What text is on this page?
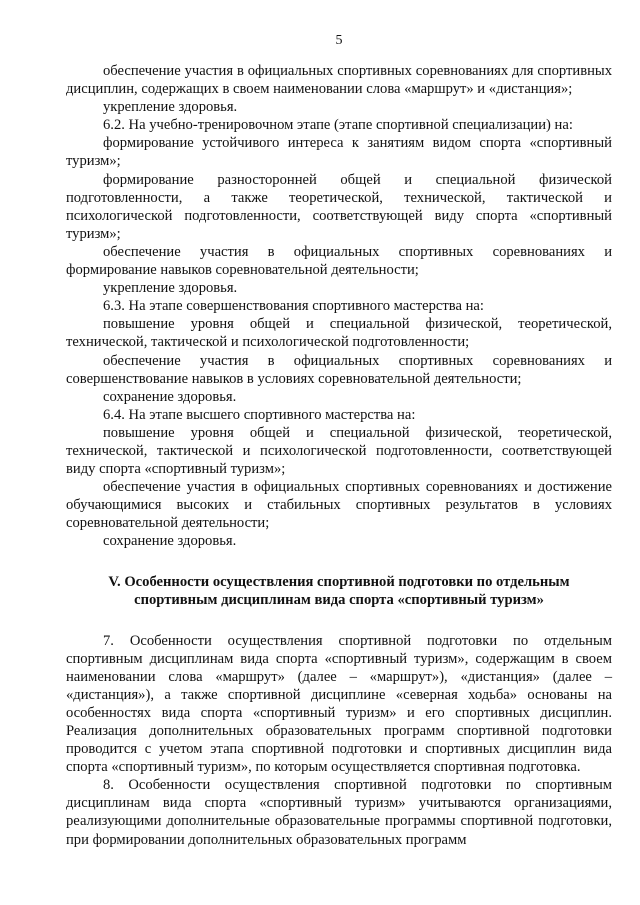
5

обеспечение участия в официальных спортивных соревнованиях для спортивных дисциплин, содержащих в своем наименовании слова «маршрут» и «дистанция»;

укрепление здоровья.

6.2. На учебно-тренировочном этапе (этапе спортивной специализации) на:

формирование устойчивого интереса к занятиям видом спорта «спортивный туризм»;

формирование разносторонней общей и специальной физической подготовленности, а также теоретической, технической, тактической и психологической подготовленности, соответствующей виду спорта «спортивный туризм»;

обеспечение участия в официальных спортивных соревнованиях и формирование навыков соревновательной деятельности;

укрепление здоровья.

6.3. На этапе совершенствования спортивного мастерства на:

повышение уровня общей и специальной физической, теоретической, технической, тактической и психологической подготовленности;

обеспечение участия в официальных спортивных соревнованиях и совершенствование навыков в условиях соревновательной деятельности;

сохранение здоровья.

6.4. На этапе высшего спортивного мастерства на:

повышение уровня общей и специальной физической, теоретической, технической, тактической и психологической подготовленности, соответствующей виду спорта «спортивный туризм»;

обеспечение участия в официальных спортивных соревнованиях и достижение обучающимися высоких и стабильных спортивных результатов в условиях соревновательной деятельности;

сохранение здоровья.

V. Особенности осуществления спортивной подготовки по отдельным
спортивным дисциплинам вида спорта «спортивный туризм»

7. Особенности осуществления спортивной подготовки по отдельным спортивным дисциплинам вида спорта «спортивный туризм», содержащим в своем наименовании слова «маршрут» (далее – «маршрут»), «дистанция» (далее – «дистанция»), а также спортивной дисциплине «северная ходьба» основаны на особенностях вида спорта «спортивный туризм» и его спортивных дисциплин. Реализация дополнительных образовательных программ спортивной подготовки проводится с учетом этапа спортивной подготовки и спортивных дисциплин вида спорта «спортивный туризм», по которым осуществляется спортивная подготовка.

8. Особенности осуществления спортивной подготовки по спортивным дисциплинам вида спорта «спортивный туризм» учитываются организациями, реализующими дополнительные образовательные программы спортивной подготовки, при формировании дополнительных образовательных программ
